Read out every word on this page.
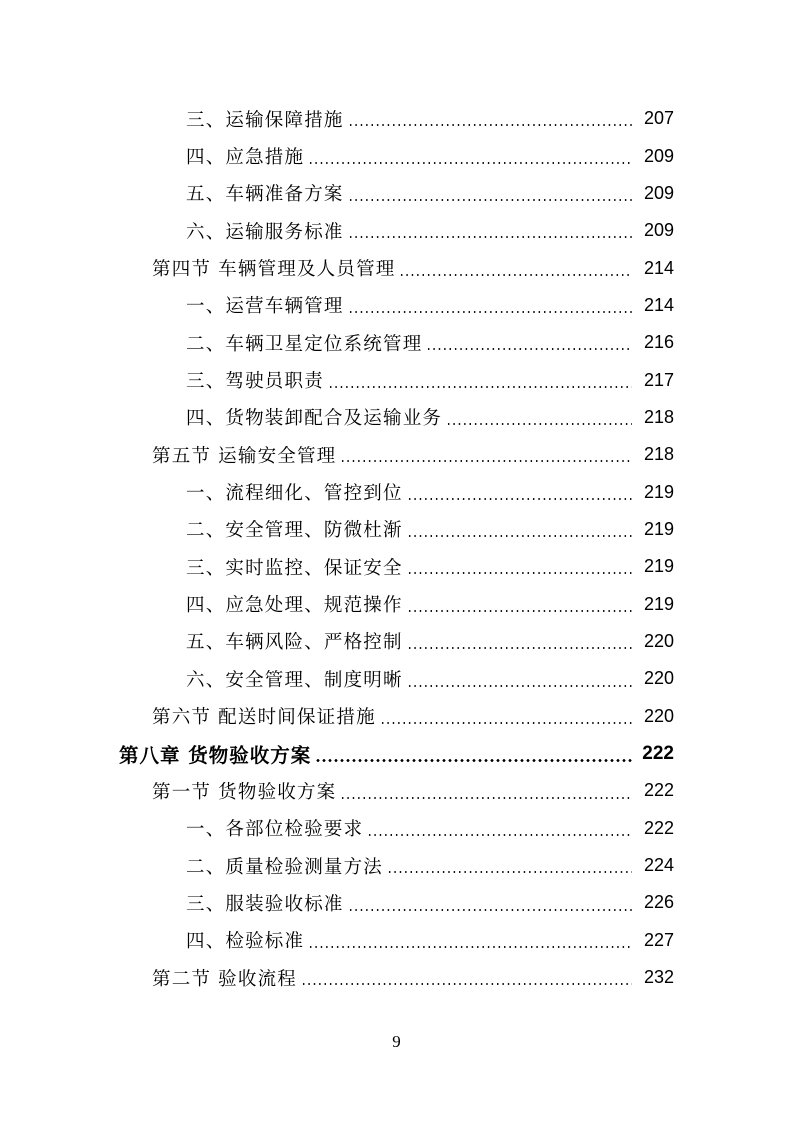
三、运输保障措施	207
四、应急措施	209
五、车辆准备方案	209
六、运输服务标准	209
第四节 车辆管理及人员管理	214
一、运营车辆管理	214
二、车辆卫星定位系统管理	216
三、驾驶员职责	217
四、货物装卸配合及运输业务	218
第五节 运输安全管理	218
一、流程细化、管控到位	219
二、安全管理、防微杜渐	219
三、实时监控、保证安全	219
四、应急处理、规范操作	219
五、车辆风险、严格控制	220
六、安全管理、制度明晰	220
第六节 配送时间保证措施	220
第八章 货物验收方案	222
第一节 货物验收方案	222
一、各部位检验要求	222
二、质量检验测量方法	224
三、服装验收标准	226
四、检验标准	227
第二节 验收流程	232
9
